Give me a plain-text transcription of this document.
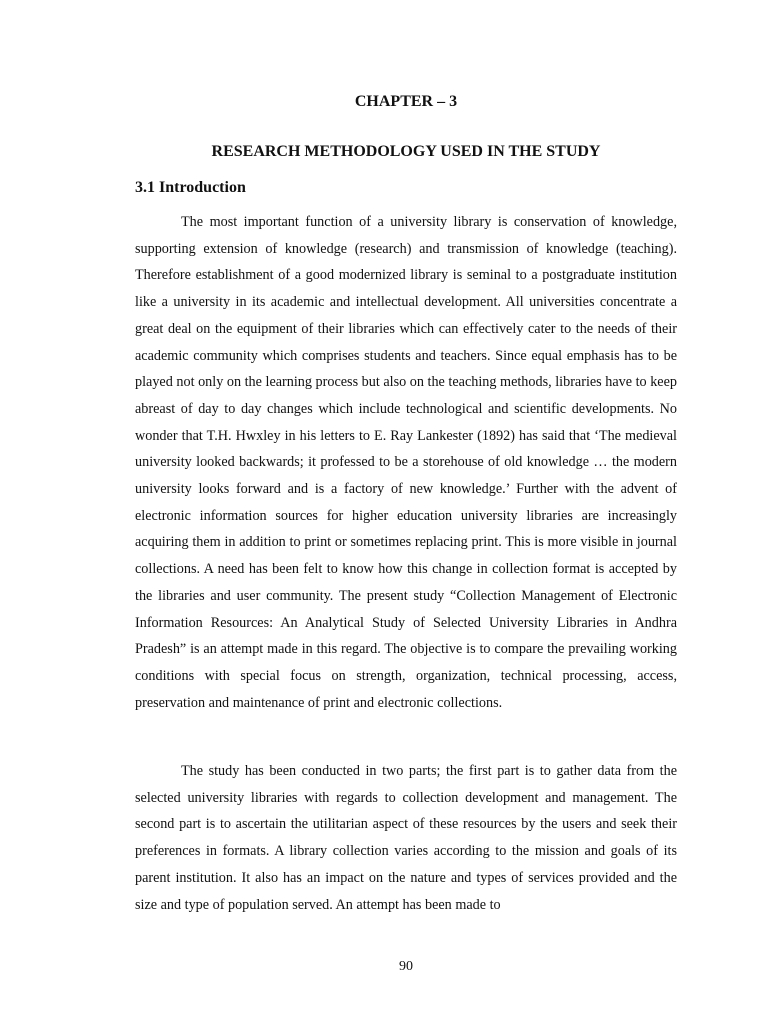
CHAPTER – 3
RESEARCH METHODOLOGY USED IN THE STUDY
3.1 Introduction

The most important function of a university library is conservation of knowledge, supporting extension of knowledge (research) and transmission of knowledge (teaching). Therefore establishment of a good modernized library is seminal to a postgraduate institution like a university in its academic and intellectual development. All universities concentrate a great deal on the equipment of their libraries which can effectively cater to the needs of their academic community which comprises students and teachers. Since equal emphasis has to be played not only on the learning process but also on the teaching methods, libraries have to keep abreast of day to day changes which include technological and scientific developments. No wonder that T.H. Hwxley in his letters to E. Ray Lankester (1892) has said that ‘The medieval university looked backwards; it professed to be a storehouse of old knowledge … the modern university looks forward and is a factory of new knowledge.’ Further with the advent of electronic information sources for higher education university libraries are increasingly acquiring them in addition to print or sometimes replacing print. This is more visible in journal collections. A need has been felt to know how this change in collection format is accepted by the libraries and user community. The present study “Collection Management of Electronic Information Resources: An Analytical Study of Selected University Libraries in Andhra Pradesh” is an attempt made in this regard. The objective is to compare the prevailing working conditions with special focus on strength, organization, technical processing, access, preservation and maintenance of print and electronic collections.

The study has been conducted in two parts; the first part is to gather data from the selected university libraries with regards to collection development and management. The second part is to ascertain the utilitarian aspect of these resources by the users and seek their preferences in formats. A library collection varies according to the mission and goals of its parent institution. It also has an impact on the nature and types of services provided and the size and type of population served. An attempt has been made to

90
